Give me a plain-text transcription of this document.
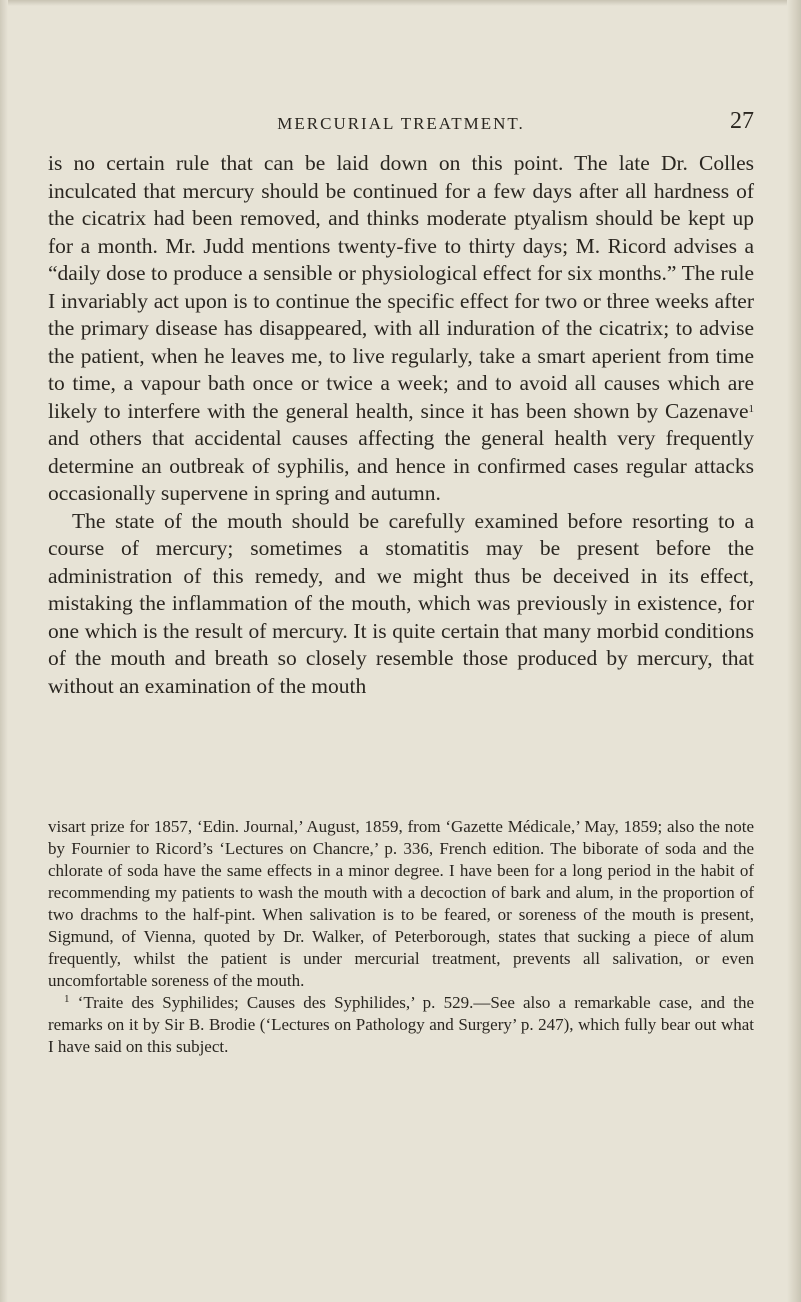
MERCURIAL TREATMENT.	27

is no certain rule that can be laid down on this point. The late Dr. Colles inculcated that mercury should be continued for a few days after all hardness of the cicatrix had been removed, and thinks moderate ptyalism should be kept up for a month. Mr. Judd mentions twenty-five to thirty days; M. Ricord advises a “daily dose to produce a sensible or physiological effect for six months.” The rule I invariably act upon is to continue the specific effect for two or three weeks after the primary disease has disappeared, with all induration of the cicatrix; to advise the patient, when he leaves me, to live regularly, take a smart aperient from time to time, a vapour bath once or twice a week; and to avoid all causes which are likely to interfere with the general health, since it has been shown by Cazenave$^1$ and others that accidental causes affecting the general health very frequently determine an outbreak of syphilis, and hence in confirmed cases regular attacks occasionally supervene in spring and autumn.

The state of the mouth should be carefully examined before resorting to a course of mercury; sometimes a stomatitis may be present before the administration of this remedy, and we might thus be deceived in its effect, mistaking the inflammation of the mouth, which was previously in existence, for one which is the result of mercury. It is quite certain that many morbid conditions of the mouth and breath so closely resemble those produced by mercury, that without an examination of the mouth

visart prize for 1857, ‘Edin. Journal,’ August, 1859, from ‘Gazette Médicale,’ May, 1859; also the note by Fournier to Ricord’s ‘Lectures on Chancre,’ p. 336, French edition. The biborate of soda and the chlorate of soda have the same effects in a minor degree. I have been for a long period in the habit of recommending my patients to wash the mouth with a decoction of bark and alum, in the proportion of two drachms to the half-pint. When salivation is to be feared, or soreness of the mouth is present, Sigmund, of Vienna, quoted by Dr. Walker, of Peterborough, states that sucking a piece of alum frequently, whilst the patient is under mercurial treatment, prevents all salivation, or even uncomfortable soreness of the mouth.

$^1$ ‘Traite des Syphilides; Causes des Syphilides,’ p. 529.—See also a remarkable case, and the remarks on it by Sir B. Brodie (‘Lectures on Pathology and Surgery’ p. 247), which fully bear out what I have said on this subject.
